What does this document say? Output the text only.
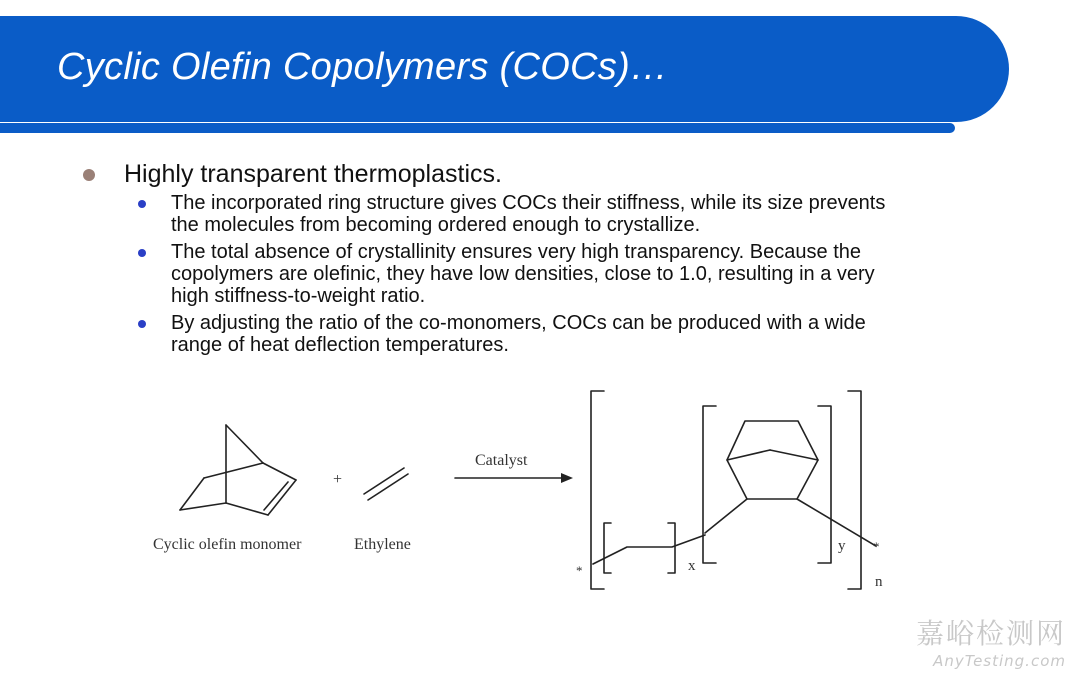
Cyclic Olefin Copolymers (COCs)…
Highly transparent thermoplastics.
The incorporated ring structure gives COCs their stiffness, while its size prevents
the molecules from becoming ordered enough to crystallize.
The total absence of crystallinity ensures very high transparency. Because the
copolymers are olefinic, they have low densities, close to 1.0, resulting in a very
high stiffness-to-weight ratio.
By adjusting the ratio of the co-monomers, COCs can be produced with a wide
range of heat deflection temperatures.
Cyclic olefin monomer
+
Ethylene
Catalyst
x
y
n
*
*
嘉峪检测网
AnyTesting.com
